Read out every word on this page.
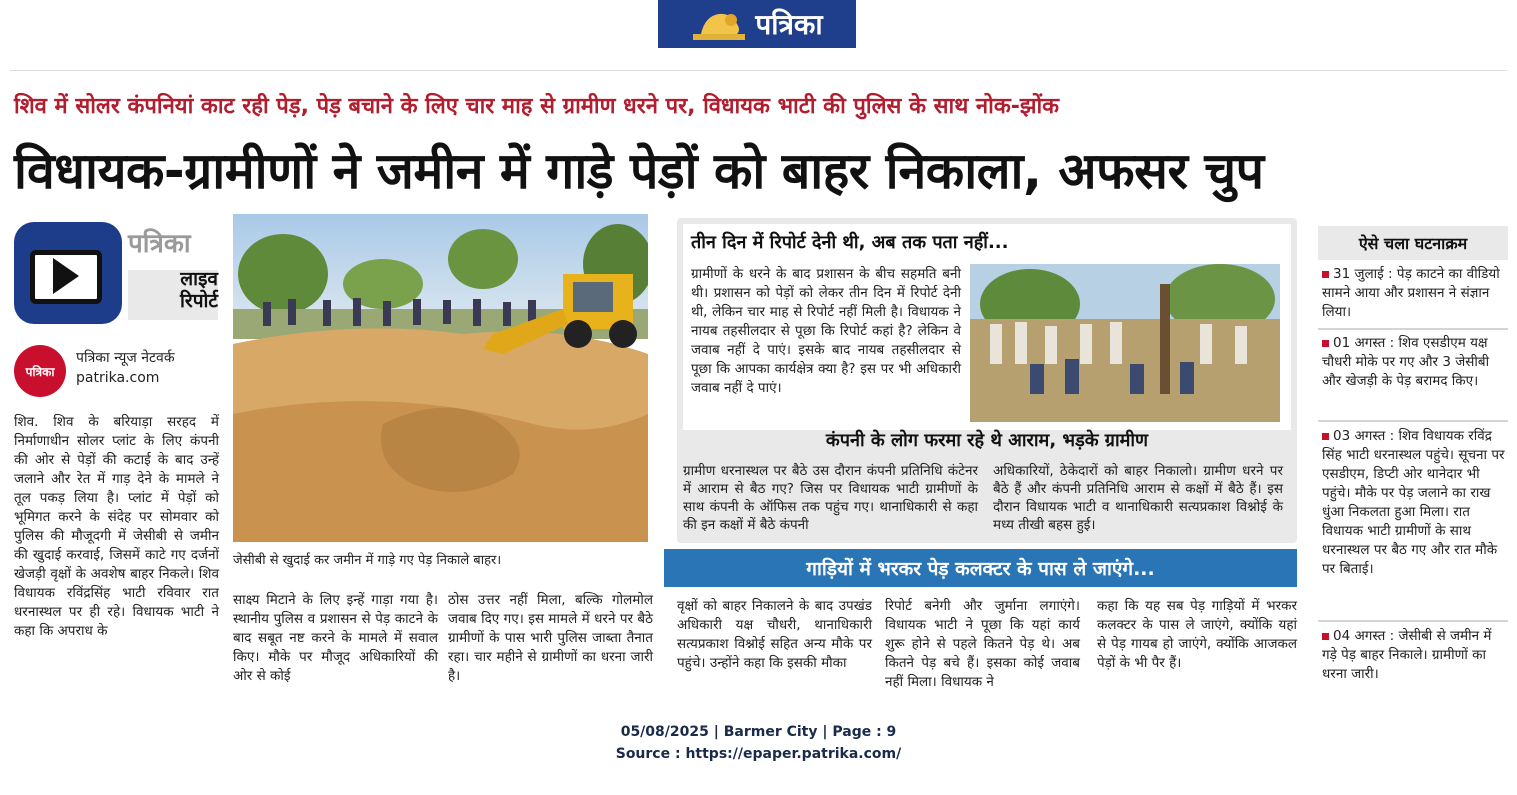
पत्रिका
शिव में सोलर कंपनियां काट रही पेड़, पेड़ बचाने के लिए चार माह से ग्रामीण धरने पर, विधायक भाटी की पुलिस के साथ नोक-झोंक
विधायक-ग्रामीणों ने जमीन में गाड़े पेड़ों को बाहर निकाला, अफसर चुप
पत्रिका
लाइव
रिपोर्ट
पत्रिका
पत्रिका न्यूज नेटवर्क
patrika.com
शिव. शिव के बरियाड़ा सरहद में निर्माणाधीन सोलर प्लांट के लिए कंपनी की ओर से पेड़ों की कटाई के बाद उन्हें जलाने और रेत में गाड़ देने के मामले ने तूल पकड़ लिया है। प्लांट में पेड़ों को भूमिगत करने के संदेह पर सोमवार को पुलिस की मौजूदगी में जेसीबी से जमीन की खुदाई करवाई, जिसमें काटे गए दर्जनों खेजड़ी वृक्षों के अवशेष बाहर निकले। शिव विधायक रविंद्रसिंह भाटी रविवार रात धरनास्थल पर ही रहे। विधायक भाटी ने कहा कि अपराध के
जेसीबी से खुदाई कर जमीन में गाड़े गए पेड़ निकाले बाहर।
साक्ष्य मिटाने के लिए इन्हें गाड़ा गया है। स्थानीय पुलिस व प्रशासन से पेड़ काटने के बाद सबूत नष्ट करने के मामले में सवाल किए। मौके पर मौजूद अधिकारियों की ओर से कोई
ठोस उत्तर नहीं मिला, बल्कि गोलमोल जवाब दिए गए। इस मामले में धरने पर बैठे ग्रामीणों के पास भारी पुलिस जाब्ता तैनात रहा। चार महीने से ग्रामीणों का धरना जारी है।
तीन दिन में रिपोर्ट देनी थी, अब तक पता नहीं...
ग्रामीणों के धरने के बाद प्रशासन के बीच सहमति बनी थी। प्रशासन को पेड़ों को लेकर तीन दिन में रिपोर्ट देनी थी, लेकिन चार माह से रिपोर्ट नहीं मिली है। विधायक ने नायब तहसीलदार से पूछा कि रिपोर्ट कहां है? लेकिन वे जवाब नहीं दे पाएं। इसके बाद नायब तहसीलदार से पूछा कि आपका कार्यक्षेत्र क्या है? इस पर भी अधिकारी जवाब नहीं दे पाएं।
कंपनी के लोग फरमा रहे थे आराम, भड़के ग्रामीण
ग्रामीण धरनास्थल पर बैठे उस दौरान कंपनी प्रतिनिधि कंटेनर में आराम से बैठ गए? जिस पर विधायक भाटी ग्रामीणों के साथ कंपनी के ऑफिस तक पहुंच गए। थानाधिकारी से कहा की इन कक्षों में बैठे कंपनी
अधिकारियों, ठेकेदारों को बाहर निकालो। ग्रामीण धरने पर बैठे हैं और कंपनी प्रतिनिधि आराम से कक्षों में बैठे हैं। इस दौरान विधायक भाटी व थानाधिकारी सत्यप्रकाश विश्नोई के मध्य तीखी बहस हुई।
गाड़ियों में भरकर पेड़ कलक्टर के पास ले जाएंगे...
वृक्षों को बाहर निकालने के बाद उपखंड अधिकारी यक्ष चौधरी, थानाधिकारी सत्यप्रकाश विश्नोई सहित अन्य मौके पर पहुंचे। उन्होंने कहा कि इसकी मौका
रिपोर्ट बनेगी और जुर्माना लगाएंगे। विधायक भाटी ने पूछा कि यहां कार्य शुरू होने से पहले कितने पेड़ थे। अब कितने पेड़ बचे हैं। इसका कोई जवाब नहीं मिला। विधायक ने
कहा कि यह सब पेड़ गाड़ियों में भरकर कलक्टर के पास ले जाएंगे, क्योंकि यहां से पेड़ गायब हो जाएंगे, क्योंकि आजकल पेड़ों के भी पैर हैं।
ऐसे चला घटनाक्रम
31 जुलाई : पेड़ काटने का वीडियो सामने आया और प्रशासन ने संज्ञान लिया।
01 अगस्त : शिव एसडीएम यक्ष चौधरी मोके पर गए और 3 जेसीबी और खेजड़ी के पेड़ बरामद किए।
03 अगस्त : शिव विधायक रविंद्र सिंह भाटी धरनास्थल पहुंचे। सूचना पर एसडीएम, डिप्टी ओर थानेदार भी पहुंचे। मौके पर पेड़ जलाने का राख धुंआ निकलता हुआ मिला। रात विधायक भाटी ग्रामीणों के साथ धरनास्थल पर बैठ गए और रात मौके पर बिताई।
04 अगस्त : जेसीबी से जमीन में गड़े पेड़ बाहर निकाले। ग्रामीणों का धरना जारी।
05/08/2025 | Barmer City | Page : 9
Source : https://epaper.patrika.com/
